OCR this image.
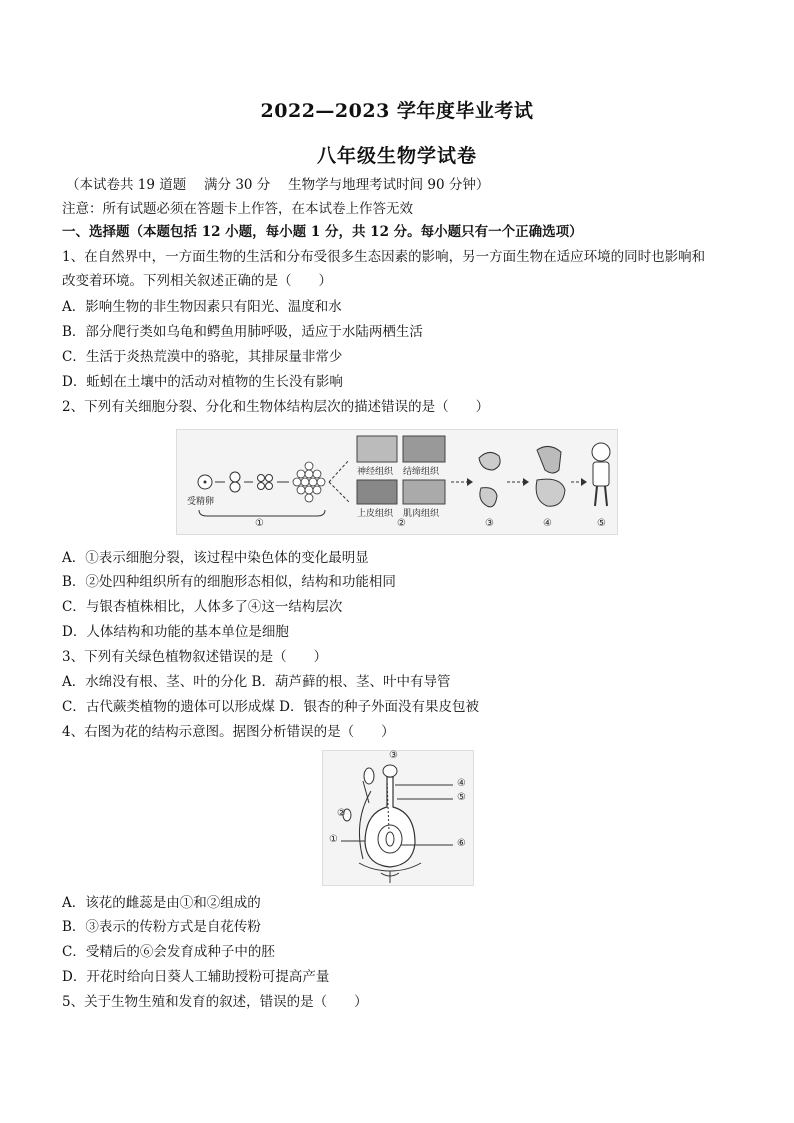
2022—2023 学年度毕业考试
八年级生物学试卷
（本试卷共 19 道题　 满分 30 分　 生物学与地理考试时间 90 分钟）
注意：所有试题必须在答题卡上作答，在本试卷上作答无效
一、选择题（本题包括 12 小题，每小题 1 分，共 12 分。每小题只有一个正确选项）
1、在自然界中，一方面生物的生活和分布受很多生态因素的影响，另一方面生物在适应环境的同时也影响和
改变着环境。下列相关叙述正确的是（　　）
A．影响生物的非生物因素只有阳光、温度和水
B．部分爬行类如乌龟和鳄鱼用肺呼吸，适应于水陆两栖生活
C．生活于炎热荒漠中的骆驼，其排尿量非常少
D．蚯蚓在土壤中的活动对植物的生长没有影响
2、下列有关细胞分裂、分化和生物体结构层次的描述错误的是（　　）
受精卵
神经组织 结缔组织
上皮组织 肌肉组织
①	②	③	④	⑤
A．①表示细胞分裂，该过程中染色体的变化最明显
B．②处四种组织所有的细胞形态相似，结构和功能相同
C．与银杏植株相比，人体多了④这一结构层次
D．人体结构和功能的基本单位是细胞
3、下列有关绿色植物叙述错误的是（　　）
A．水绵没有根、茎、叶的分化 B．葫芦藓的根、茎、叶中有导管
C．古代蕨类植物的遗体可以形成煤 D．银杏的种子外面没有果皮包被
4、右图为花的结构示意图。据图分析错误的是（　　）
③
④
⑤
⑥
②
①
A．该花的雌蕊是由①和②组成的
B．③表示的传粉方式是自花传粉
C．受精后的⑥会发育成种子中的胚
D．开花时给向日葵人工辅助授粉可提高产量
5、关于生物生殖和发育的叙述，错误的是（　　）
